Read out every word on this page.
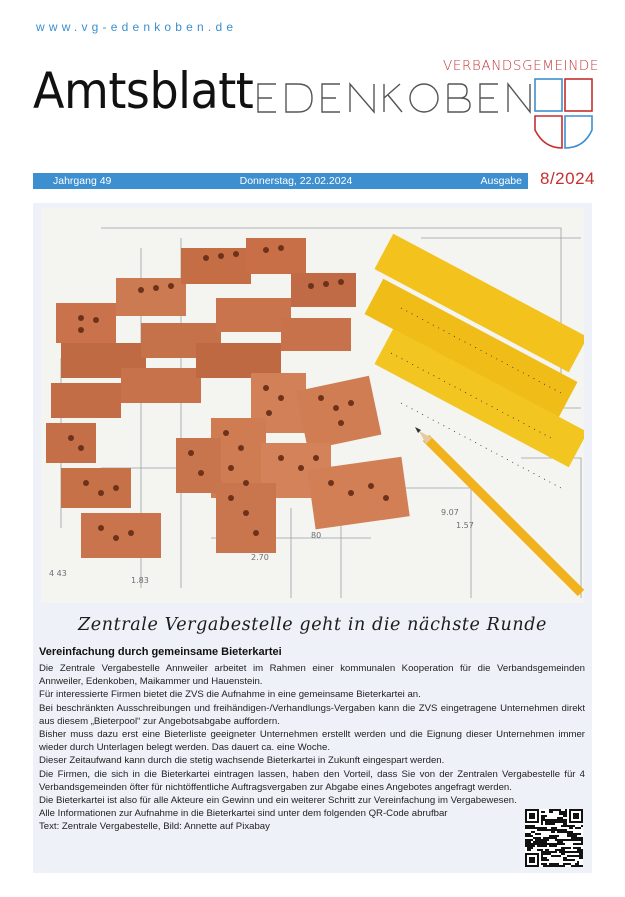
www.vg-edenkoben.de
Amtsblatt	VERBANDSGEMEINDE
Jahrgang 49	Donnerstag, 22.02.2024	Ausgabe 8/2024
2.70
1.83
4 43
9.07
1.57
80
Zentrale Vergabestelle geht in die nächste Runde
Vereinfachung durch gemeinsame Bieterkartei

Die Zentrale Vergabestelle Annweiler arbeitet im Rahmen einer kommunalen Kooperation für die Verbandsgemeinden Annweiler, Edenkoben, Maikammer und Hauenstein.

Für interessierte Firmen bietet die ZVS die Aufnahme in eine gemeinsame Bieterkartei an.

Bei beschränkten Ausschreibungen und freihändigen-/Verhandlungs-Vergaben kann die ZVS eingetragene Unternehmen direkt aus diesem „Bieterpool“ zur Angebotsabgabe auffordern.

Bisher muss dazu erst eine Bieterliste geeigneter Unternehmen erstellt werden und die Eignung dieser Unternehmen immer wieder durch Unterlagen belegt werden. Das dauert ca. eine Woche.

Dieser Zeitaufwand kann durch die stetig wachsende Bieterkartei in Zukunft eingespart werden.

Die Firmen, die sich in die Bieterkartei eintragen lassen, haben den Vorteil, dass Sie von der Zentralen Vergabestelle für 4 Verbandsgemeinden öfter für nichtöffentliche Auftragsvergaben zur Abgabe eines Angebotes angefragt werden.

Die Bieterkartei ist also für alle Akteure ein Gewinn und ein weiterer Schritt zur Vereinfachung im Vergabewesen.

Alle Informationen zur Aufnahme in die Bieterkartei sind unter dem folgenden QR-Code abrufbar

Text: Zentrale Vergabestelle, Bild: Annette auf Pixabay
